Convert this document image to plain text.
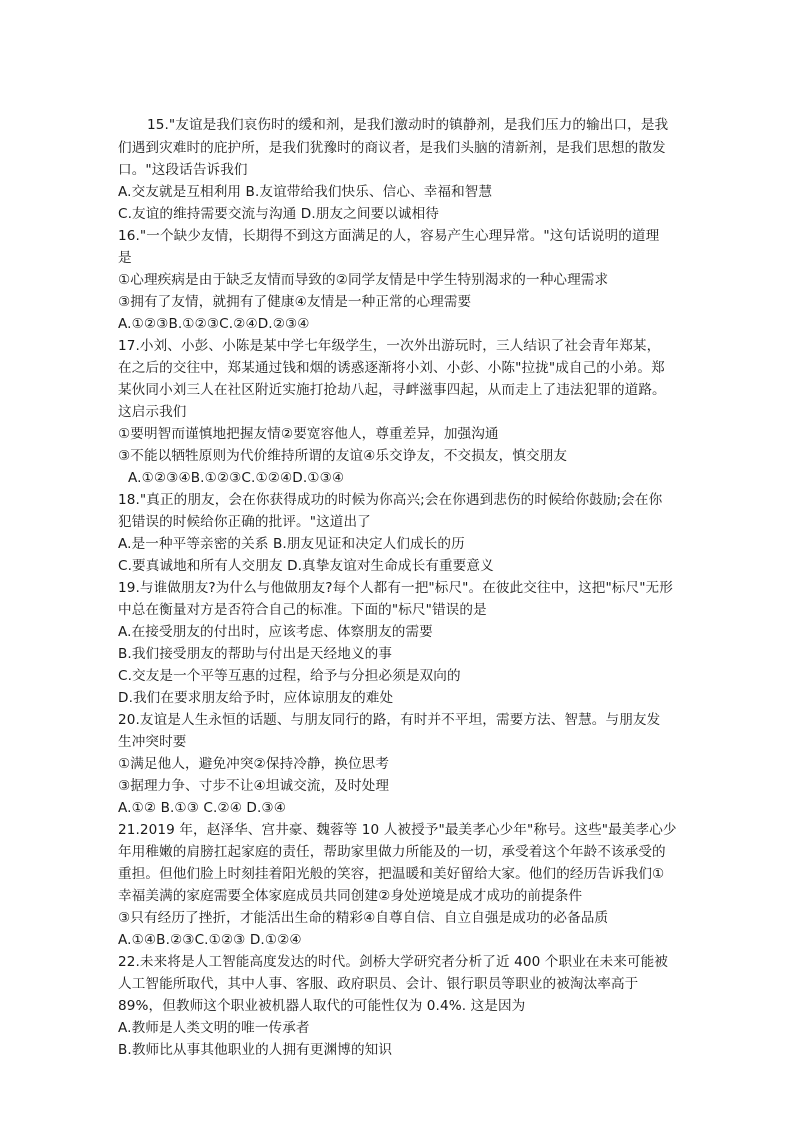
15."友谊是我们哀伤时的缓和剂，是我们激动时的镇静剂，是我们压力的输出口，是我
们遇到灾难时的庇护所，是我们犹豫时的商议者，是我们头脑的清新剂，是我们思想的散发
口。"这段话告诉我们
A.交友就是互相利用 B.友谊带给我们快乐、信心、幸福和智慧
C.友谊的维持需要交流与沟通 D.朋友之间要以诚相待
16."一个缺少友情，长期得不到这方面满足的人，容易产生心理异常。"这句话说明的道理
是
①心理疾病是由于缺乏友情而导致的②同学友情是中学生特别渴求的一种心理需求
③拥有了友情，就拥有了健康④友情是一种正常的心理需要
A.①②③B.①②③C.②④D.②③④
17.小刘、小彭、小陈是某中学七年级学生，一次外出游玩时，三人结识了社会青年郑某，
在之后的交往中，郑某通过钱和烟的诱惑逐渐将小刘、小彭、小陈"拉拢"成自己的小弟。郑
某伙同小刘三人在社区附近实施打抢劫八起，寻衅滋事四起，从而走上了违法犯罪的道路。
这启示我们
①要明智而谨慎地把握友情②要宽容他人，尊重差异，加强沟通
③不能以牺牲原则为代价维持所谓的友谊④乐交诤友，不交损友，慎交朋友
A.①②③④B.①②③C.①②④D.①③④
18."真正的朋友，会在你获得成功的时候为你高兴;会在你遇到悲伤的时候给你鼓励;会在你
犯错误的时候给你正确的批评。"这道出了
A.是一种平等亲密的关系 B.朋友见证和决定人们成长的历
C.要真诚地和所有人交朋友 D.真挚友谊对生命成长有重要意义
19.与谁做朋友?为什么与他做朋友?每个人都有一把"标尺"。在彼此交往中，这把"标尺"无形
中总在衡量对方是否符合自己的标准。下面的"标尺"错误的是
A.在接受朋友的付出时，应该考虑、体察朋友的需要
B.我们接受朋友的帮助与付出是天经地义的事
C.交友是一个平等互惠的过程，给予与分担必须是双向的
D.我们在要求朋友给予时，应体谅朋友的难处
20.友谊是人生永恒的话题、与朋友同行的路，有时并不平坦，需要方法、智慧。与朋友发
生冲突时要
①满足他人，避免冲突②保持冷静，换位思考
③据理力争、寸步不让④坦诚交流，及时处理
A.①② B.①③ C.②④ D.③④
21.2019 年，赵泽华、宫井豪、魏蓉等 10 人被授予"最美孝心少年"称号。这些"最美孝心少
年用稚嫩的肩膀扛起家庭的责任，帮助家里做力所能及的一切，承受着这个年龄不该承受的
重担。但他们脸上时刻挂着阳光般的笑容，把温暖和美好留给大家。他们的经历告诉我们①
幸福美满的家庭需要全体家庭成员共同创建②身处逆境是成才成功的前提条件
③只有经历了挫折，才能活出生命的精彩④自尊自信、自立自强是成功的必备品质
A.①④B.②③C.①②③ D.①②④
22.未来将是人工智能高度发达的时代。剑桥大学研究者分析了近 400 个职业在未来可能被
人工智能所取代，其中人事、客服、政府职员、会计、银行职员等职业的被淘汰率高于
89%，但教师这个职业被机器人取代的可能性仅为 0.4%. 这是因为
A.教师是人类文明的唯一传承者
B.教师比从事其他职业的人拥有更渊博的知识
